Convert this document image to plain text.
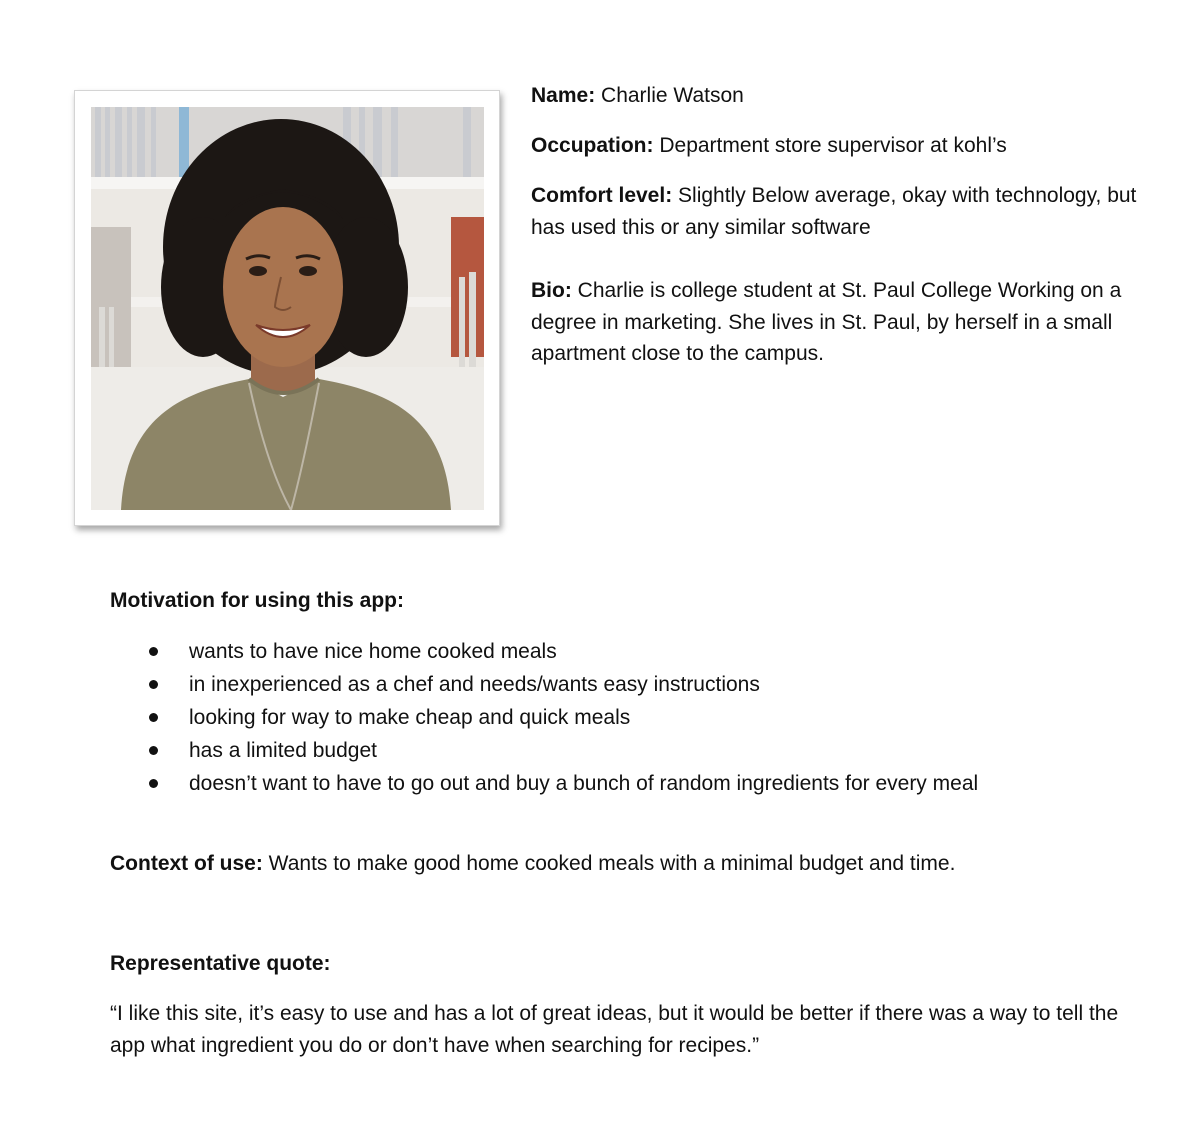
Name: Charlie Watson

Occupation: Department store supervisor at kohl’s

Comfort level: Slightly Below average, okay with technology, but has used this or any similar software

Bio: Charlie is college student at St. Paul College Working on a degree in marketing. She lives in St. Paul, by herself in a small apartment close to the campus.

Motivation for using this app:

wants to have nice home cooked meals
in inexperienced as a chef and needs/wants easy instructions
looking for way to make cheap and quick meals
has a limited budget
doesn’t want to have to go out and buy a bunch of random ingredients for every meal

Context of use: Wants to make good home cooked meals with a minimal budget and time.

Representative quote:

“I like this site, it’s easy to use and has a lot of great ideas, but it would be better if there was a way to tell the app what ingredient you do or don’t have when searching for recipes.”
